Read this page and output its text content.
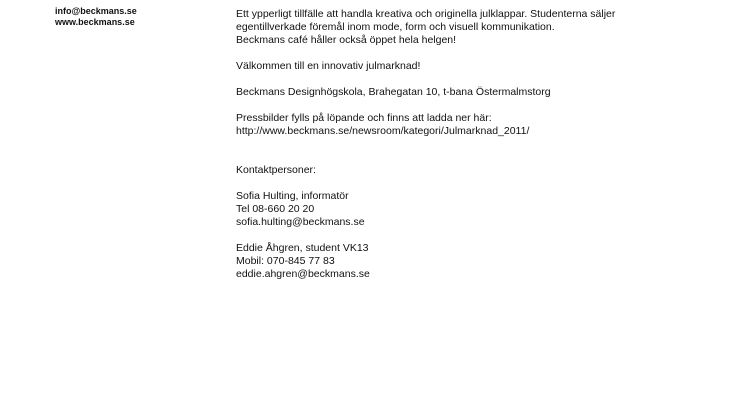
info@beckmans.se
www.beckmans.se

Ett ypperligt tillfälle att handla kreativa och originella julklappar. Studenterna säljer
egentillverkade föremål inom mode, form och visuell kommunikation.
Beckmans café håller också öppet hela helgen!

Välkommen till en innovativ julmarknad!

Beckmans Designhögskola, Brahegatan 10, t-bana Östermalmstorg

Pressbilder fylls på löpande och finns att ladda ner här:
http://www.beckmans.se/newsroom/kategori/Julmarknad_2011/

Kontaktpersoner:

Sofia Hulting, informatör
Tel 08-660 20 20
sofia.hulting@beckmans.se

Eddie Åhgren, student VK13
Mobil: 070-845 77 83
eddie.ahgren@beckmans.se
